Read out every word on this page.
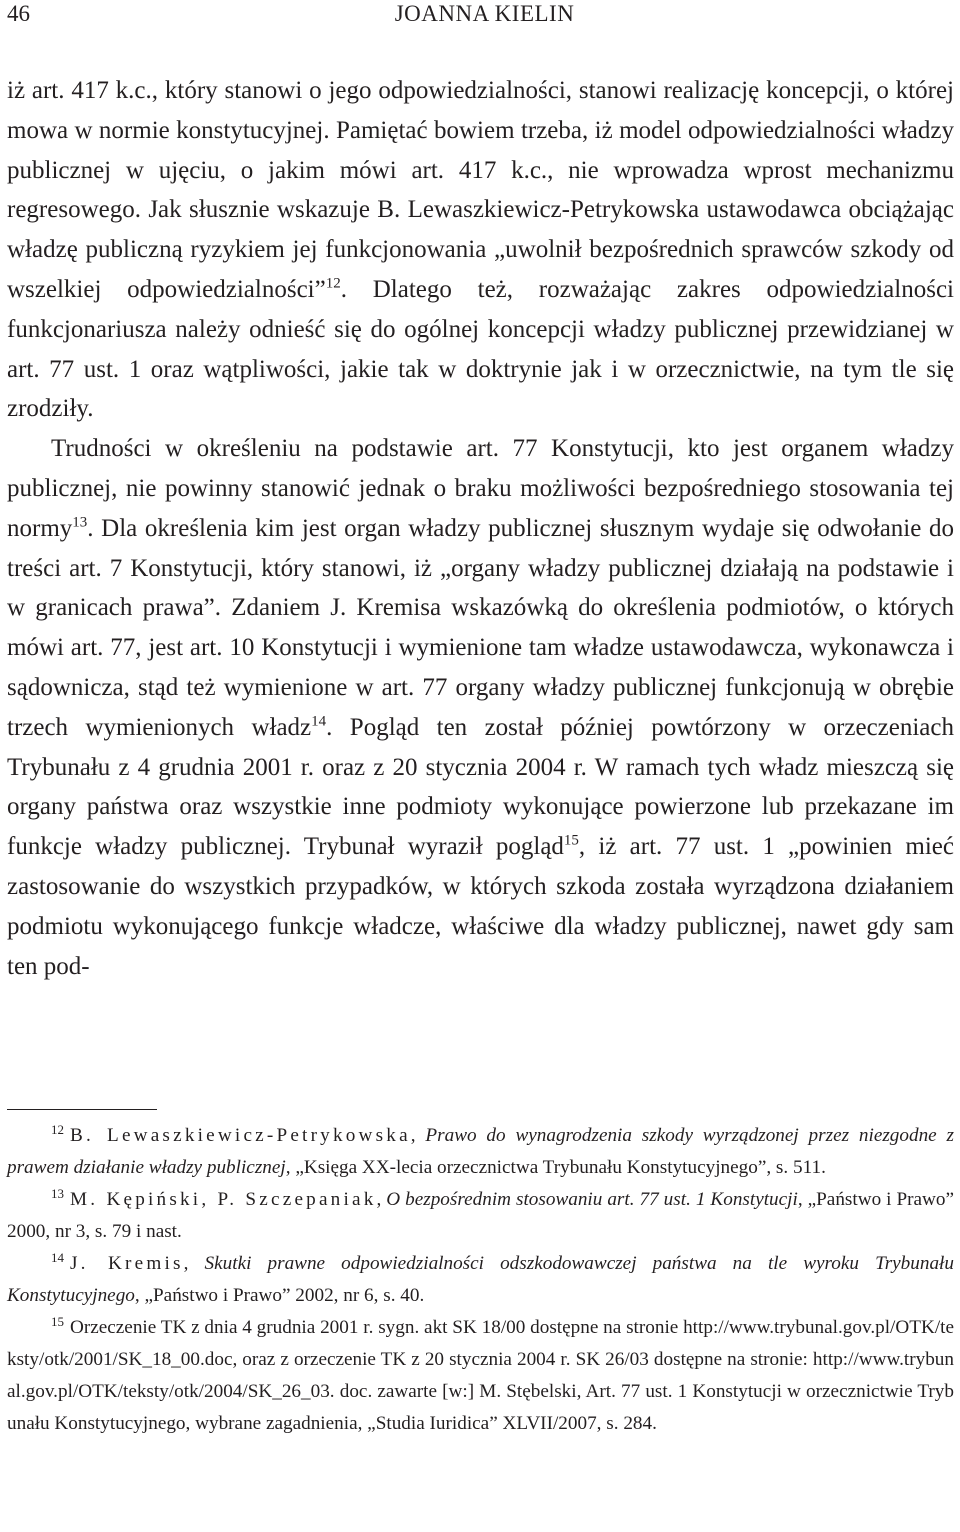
46	JOANNA KIELIN

iż art. 417 k.c., który stanowi o jego odpowiedzialności, stanowi realizację koncepcji, o której mowa w normie konstytucyjnej. Pamiętać bowiem trzeba, iż model odpowiedzialności władzy publicznej w ujęciu, o jakim mówi art. 417 k.c., nie wprowadza wprost mechanizmu regresowego. Jak słusznie wskazuje B. Lewaszkiewicz-Petrykowska ustawodawca obciążając władzę publiczną ryzykiem jej funkcjonowania „uwolnił bezpośrednich sprawców szkody od wszelkiej odpowiedzialności”$^{12}$. Dlatego też, rozważając zakres odpowiedzialności funkcjonariusza należy odnieść się do ogólnej koncepcji władzy publicznej przewidzianej w art. 77 ust. 1 oraz wątpliwości, jakie tak w doktrynie jak i w orzecznictwie, na tym tle się zrodziły.

Trudności w określeniu na podstawie art. 77 Konstytucji, kto jest organem władzy publicznej, nie powinny stanowić jednak o braku możliwości bezpośredniego stosowania tej normy$^{13}$. Dla określenia kim jest organ władzy publicznej słusznym wydaje się odwołanie do treści art. 7 Konstytucji, który stanowi, iż „organy władzy publicznej działają na podstawie i w granicach prawa”. Zdaniem J. Kremisa wskazówką do określenia podmiotów, o których mówi art. 77, jest art. 10 Konstytucji i wymienione tam władze ustawodawcza, wykonawcza i sądownicza, stąd też wymienione w art. 77 organy władzy publicznej funkcjonują w obrębie trzech wymienionych władz$^{14}$. Pogląd ten został później powtórzony w orzeczeniach Trybunału z 4 grudnia 2001 r. oraz z 20 stycznia 2004 r. W ramach tych władz mieszczą się organy państwa oraz wszystkie inne podmioty wykonujące powierzone lub przekazane im funkcje władzy publicznej. Trybunał wyraził pogląd$^{15}$, iż art. 77 ust. 1 „powinien mieć zastosowanie do wszystkich przypadków, w których szkoda została wyrządzona działaniem podmiotu wykonującego funkcje władcze, właściwe dla władzy publicznej, nawet gdy sam ten pod-

$^{12}$ B. Lewaszkiewicz-Petrykowska, Prawo do wynagrodzenia szkody wyrządzonej przez niezgodne z prawem działanie władzy publicznej, „Księga XX-lecia orzecznictwa Trybunału Konstytucyjnego”, s. 511.

$^{13}$ M. Kępiński, P. Szczepaniak, O bezpośrednim stosowaniu art. 77 ust. 1 Konstytucji, „Państwo i Prawo” 2000, nr 3, s. 79 i nast.

$^{14}$ J. Kremis, Skutki prawne odpowiedzialności odszkodowawczej państwa na tle wyroku Trybunału Konstytucyjnego, „Państwo i Prawo” 2002, nr 6, s. 40.

$^{15}$ Orzeczenie TK z dnia 4 grudnia 2001 r. sygn. akt SK 18/00 dostępne na stronie http://www.trybunal.gov.pl/OTK/teksty/otk/2001/SK_18_00.doc, oraz z orzeczenie TK z 20 stycznia 2004 r. SK 26/03 dostępne na stronie: http://www.trybunal.gov.pl/OTK/teksty/otk/2004/SK_26_03. doc. zawarte [w:] M. Stębelski, Art. 77 ust. 1 Konstytucji w orzecznictwie Trybunału Konstytucyjnego, wybrane zagadnienia, „Studia Iuridica” XLVII/2007, s. 284.
